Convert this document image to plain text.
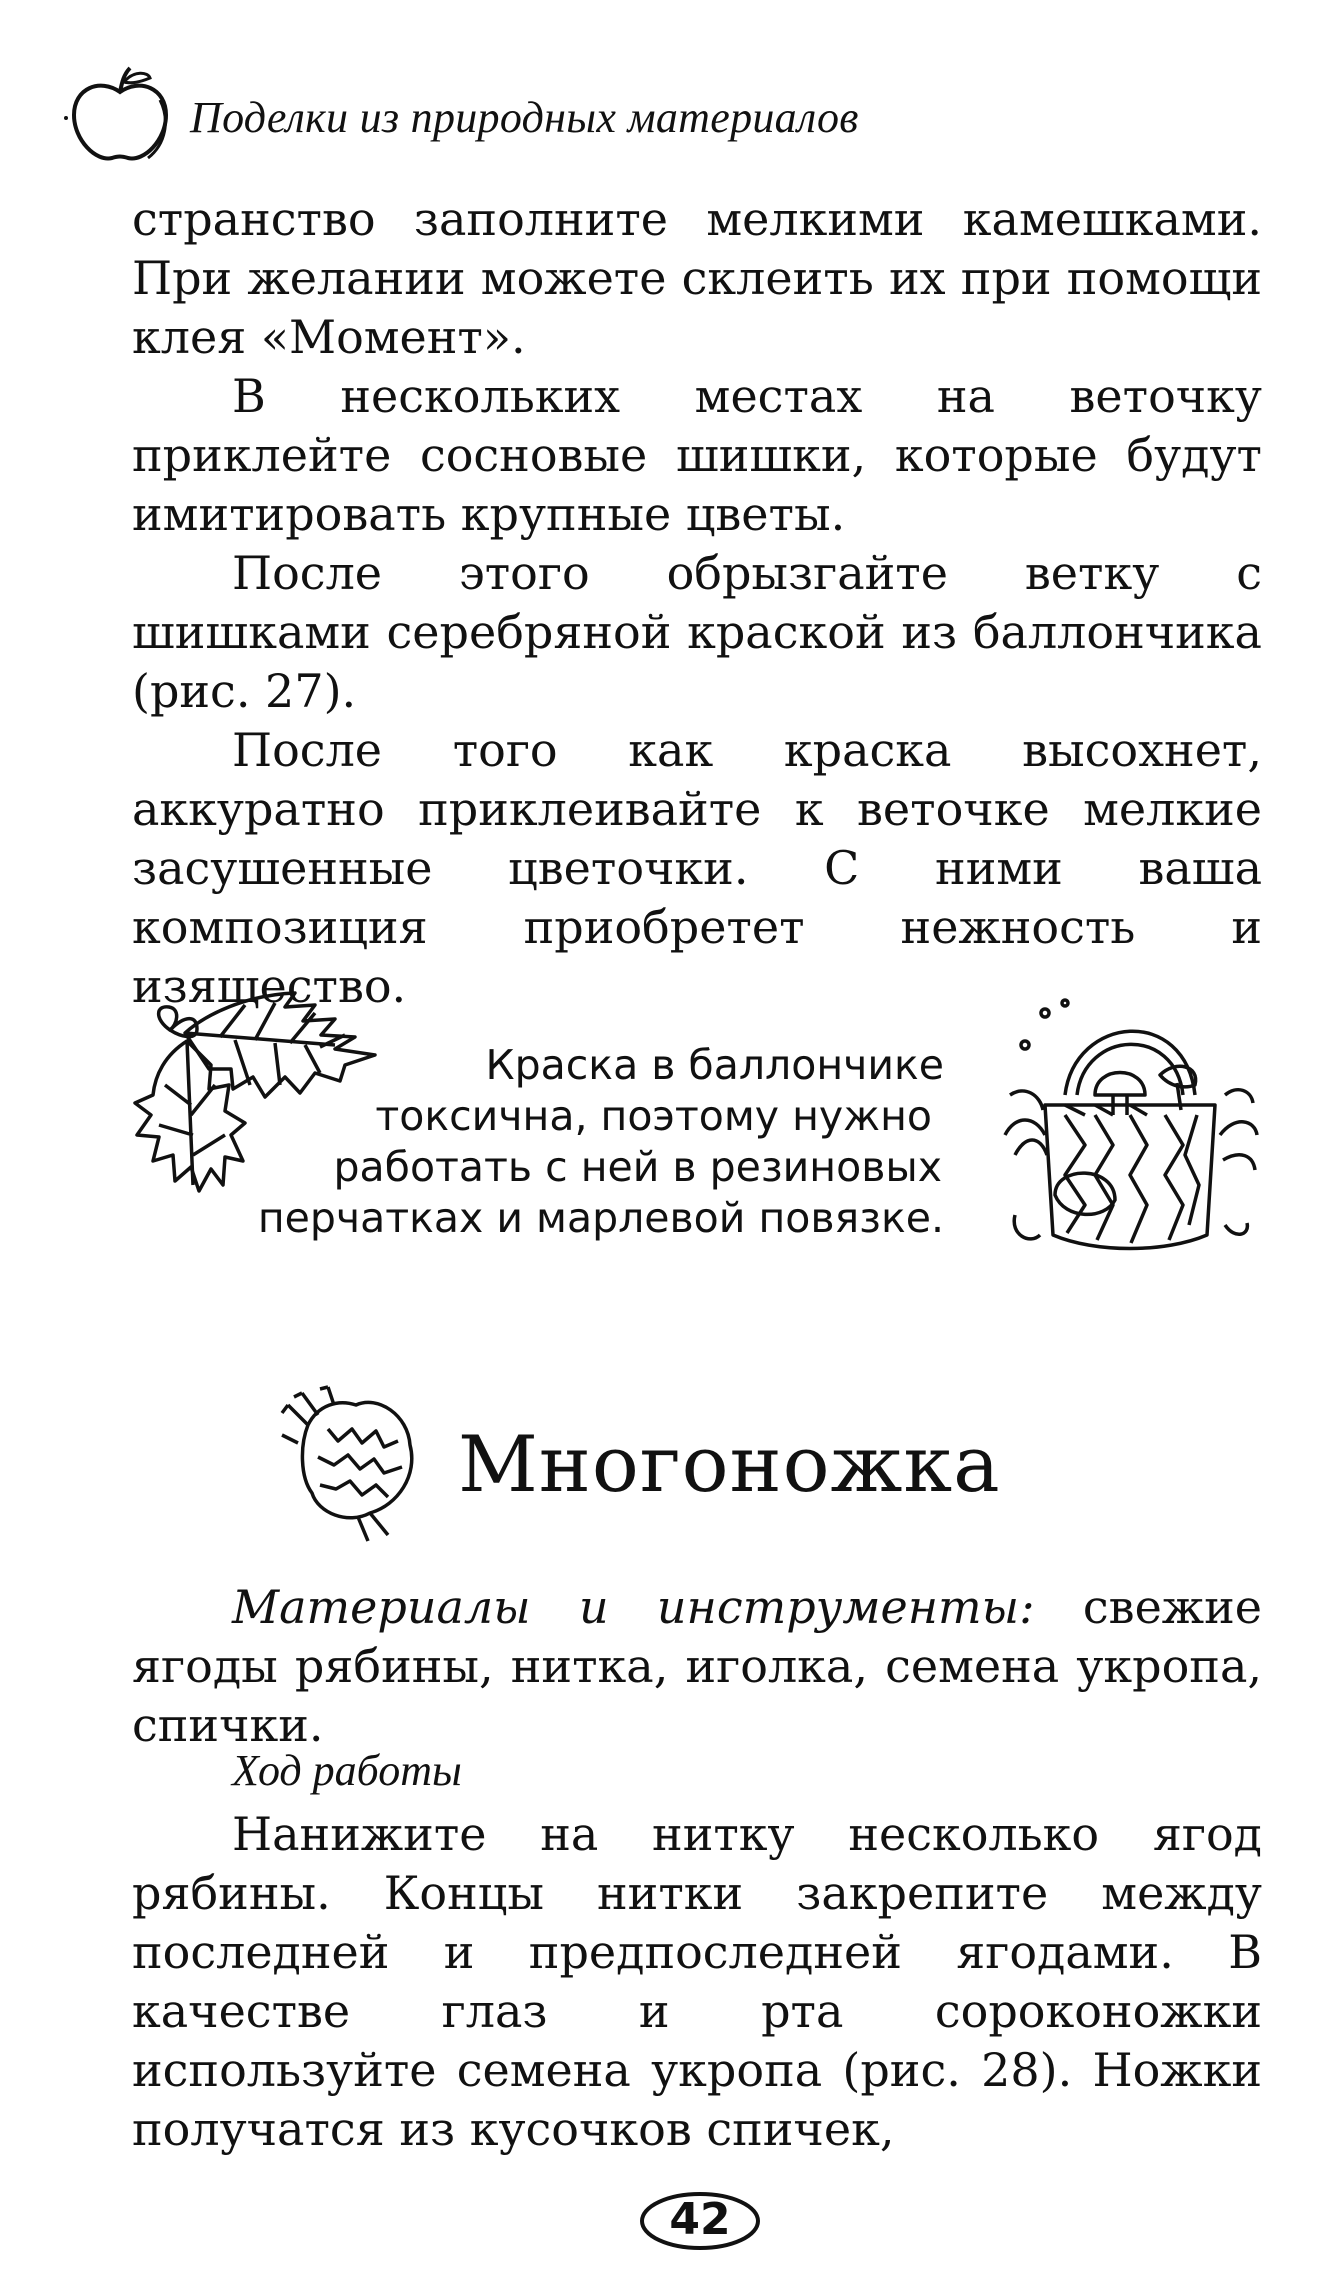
Поделки из природных материалов

странство заполните мелкими камешками. При желании можете склеить их при помощи клея «Момент».

В нескольких местах на веточку приклейте сосновые шишки, которые будут имитировать крупные цветы.

После этого обрызгайте ветку с шишками серебряной краской из баллончика (рис. 27).

После того как краска высохнет, аккуратно приклеивайте к веточке мелкие засушенные цветочки. С ними ваша композиция приобретет нежность и изящество.

Краска в баллончике
токсична, поэтому нужно
работать с ней в резиновых
перчатках и марлевой повязке.
Многоножка

Материалы и инструменты: свежие ягоды рябины, нитка, иголка, семена укропа, спички.

Ход работы

Нанижите на нитку несколько ягод рябины. Концы нитки закрепите между последней и предпоследней ягодами. В качестве глаз и рта сороконожки используйте семена укропа (рис. 28). Ножки получатся из кусочков спичек,

42
